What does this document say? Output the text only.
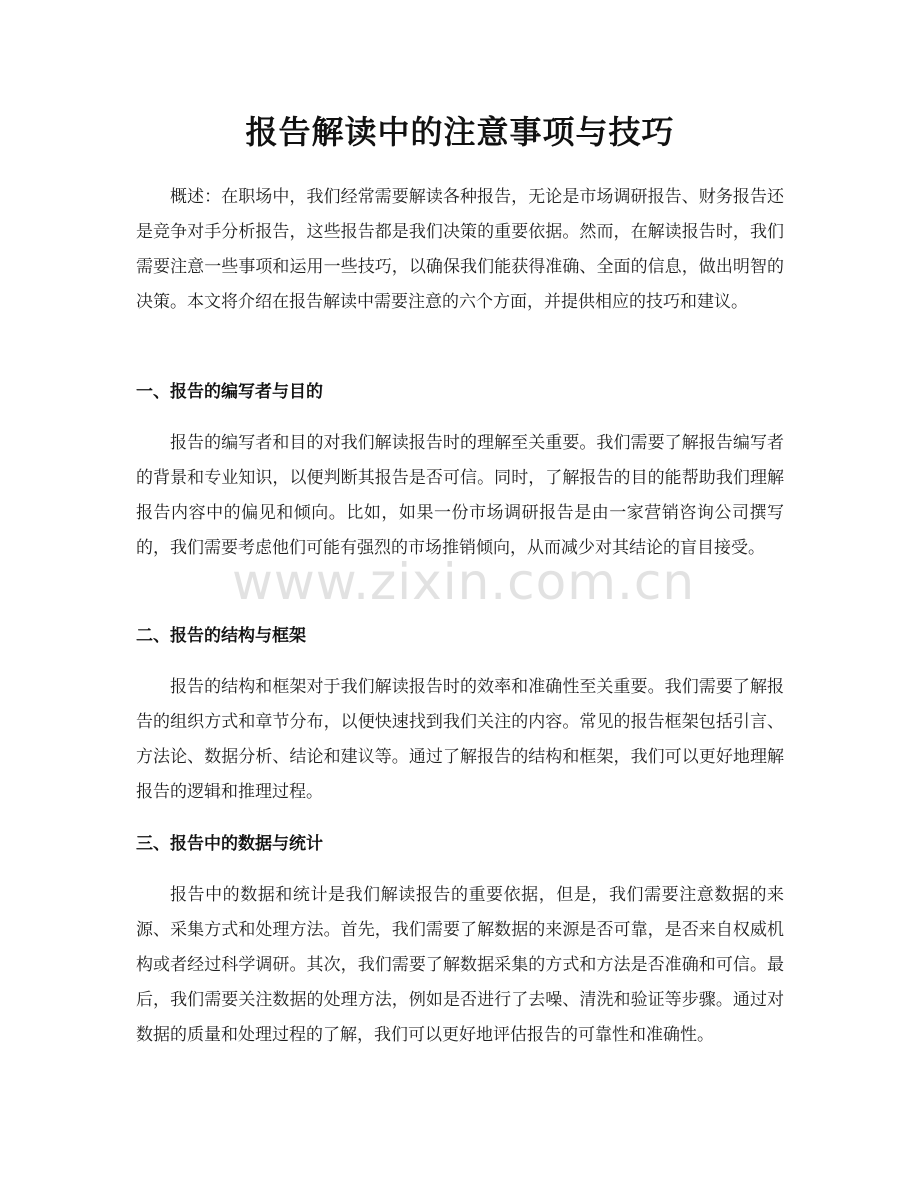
报告解读中的注意事项与技巧

概述：在职场中，我们经常需要解读各种报告，无论是市场调研报告、财务报告还是竞争对手分析报告，这些报告都是我们决策的重要依据。然而，在解读报告时，我们需要注意一些事项和运用一些技巧，以确保我们能获得准确、全面的信息，做出明智的决策。本文将介绍在报告解读中需要注意的六个方面，并提供相应的技巧和建议。

一、报告的编写者与目的

报告的编写者和目的对我们解读报告时的理解至关重要。我们需要了解报告编写者的背景和专业知识，以便判断其报告是否可信。同时，了解报告的目的能帮助我们理解报告内容中的偏见和倾向。比如，如果一份市场调研报告是由一家营销咨询公司撰写的，我们需要考虑他们可能有强烈的市场推销倾向，从而减少对其结论的盲目接受。

二、报告的结构与框架

报告的结构和框架对于我们解读报告时的效率和准确性至关重要。我们需要了解报告的组织方式和章节分布，以便快速找到我们关注的内容。常见的报告框架包括引言、方法论、数据分析、结论和建议等。通过了解报告的结构和框架，我们可以更好地理解报告的逻辑和推理过程。

三、报告中的数据与统计

报告中的数据和统计是我们解读报告的重要依据，但是，我们需要注意数据的来源、采集方式和处理方法。首先，我们需要了解数据的来源是否可靠，是否来自权威机构或者经过科学调研。其次，我们需要了解数据采集的方式和方法是否准确和可信。最后，我们需要关注数据的处理方法，例如是否进行了去噪、清洗和验证等步骤。通过对数据的质量和处理过程的了解，我们可以更好地评估报告的可靠性和准确性。

www.zixin.com.cn
